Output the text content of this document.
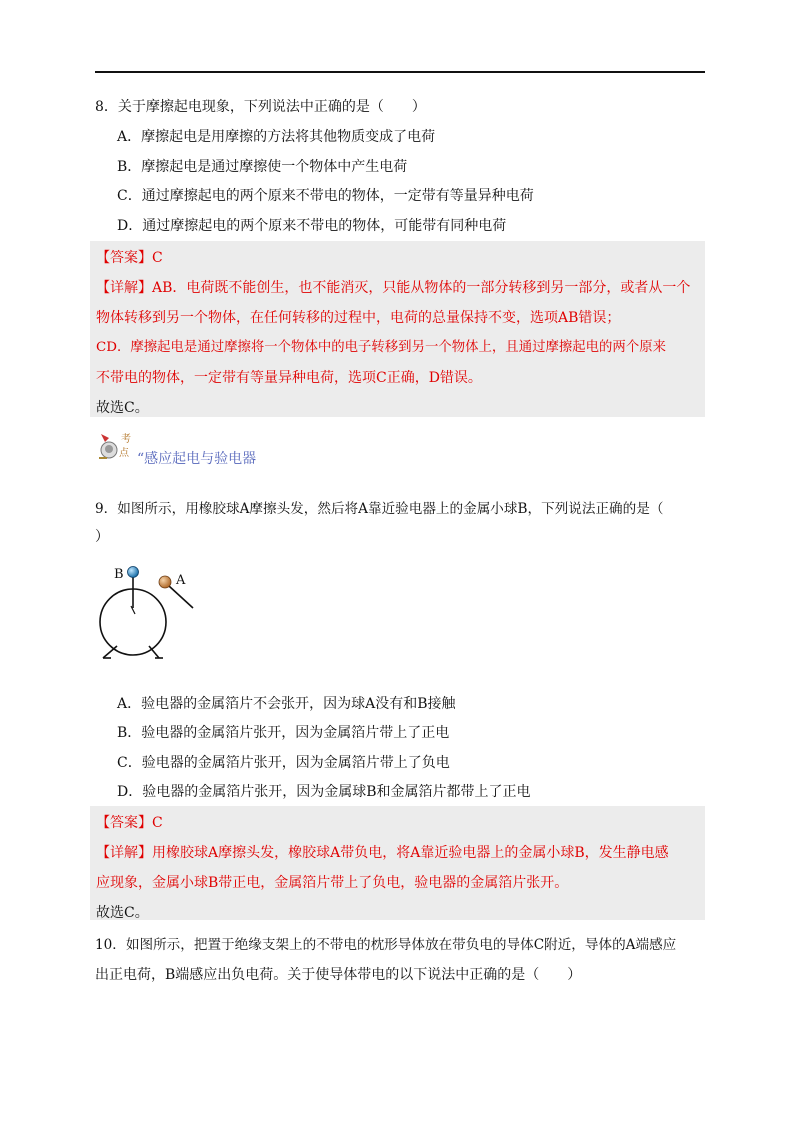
8．关于摩擦起电现象，下列说法中正确的是（　　）
A．摩擦起电是用摩擦的方法将其他物质变成了电荷
B．摩擦起电是通过摩擦使一个物体中产生电荷
C．通过摩擦起电的两个原来不带电的物体，一定带有等量异种电荷
D．通过摩擦起电的两个原来不带电的物体，可能带有同种电荷
【答案】C
【详解】AB．电荷既不能创生，也不能消灭，只能从物体的一部分转移到另一部分，或者从一个
物体转移到另一个物体，在任何转移的过程中，电荷的总量保持不变，选项AB错误；
CD．摩擦起电是通过摩擦将一个物体中的电子转移到另一个物体上，且通过摩擦起电的两个原来
不带电的物体，一定带有等量异种电荷，选项C正确，D错误。
故选C。
考
点 “感应起电与验电器
9．如图所示，用橡胶球A摩擦头发，然后将A靠近验电器上的金属小球B，下列说法正确的是（
）
B	A
A．验电器的金属箔片不会张开，因为球A没有和B接触
B．验电器的金属箔片张开，因为金属箔片带上了正电
C．验电器的金属箔片张开，因为金属箔片带上了负电
D．验电器的金属箔片张开，因为金属球B和金属箔片都带上了正电
【答案】C
【详解】用橡胶球A摩擦头发，橡胶球A带负电，将A靠近验电器上的金属小球B，发生静电感
应现象，金属小球B带正电，金属箔片带上了负电，验电器的金属箔片张开。
故选C。
10．如图所示，把置于绝缘支架上的不带电的枕形导体放在带负电的导体C附近，导体的A端感应
出正电荷，B端感应出负电荷。关于使导体带电的以下说法中正确的是（　　）
